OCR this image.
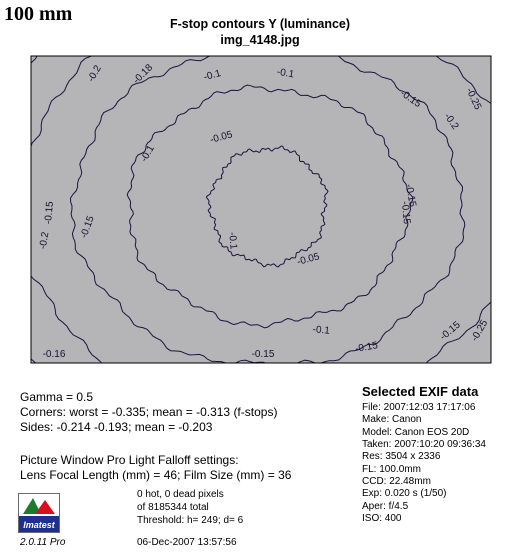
100 mm	F-stop contours Y (luminance)
img_4148.jpg
-0.2	-0.18	-0.1
-0.1
-0.05
-0.15
-0.15
-0.15
-0.2
-0.25
-0.05
-0.1
-0.1
-0.1
-0.15	-0.15
-0.2
-0.15
-0.15
-0.15 -0.25
-0.16
Gamma = 0.5
Corners: worst = -0.335; mean = -0.313 (f-stops)
Sides: -0.214 -0.193; mean = -0.203
Picture Window Pro Light Falloff settings:
Lens Focal Length (mm) = 46; Film Size (mm) = 36
Selected EXIF data
File: 2007:12:03 17:17:06
Make: Canon
Model: Canon EOS 20D
Taken: 2007:10:20 09:36:34
Res: 3504 x 2336
FL: 100.0mm
CCD: 22.48mm
Exp: 0.020 s (1/50)
Aper: f/4.5
ISO: 400
0 hot, 0 dead pixels
of 8185344 total
Threshold: h= 249; d= 6
06-Dec-2007 13:57:56
Imatest
2.0.11 Pro
